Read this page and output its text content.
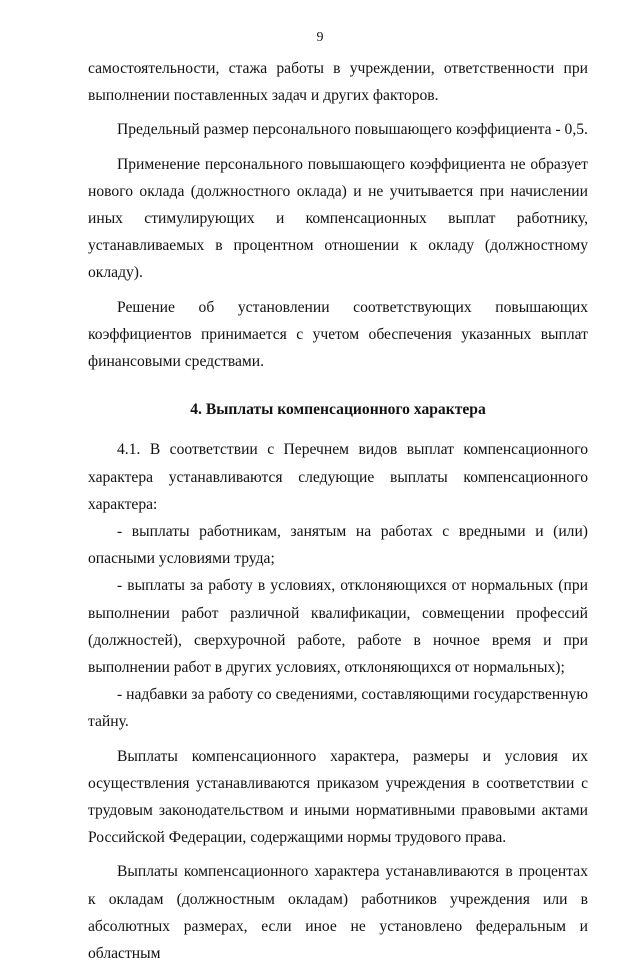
9

самостоятельности, стажа работы в учреждении, ответственности при выполнении поставленных задач и других факторов.

Предельный размер персонального повышающего коэффициента - 0,5.

Применение персонального повышающего коэффициента не образует нового оклада (должностного оклада) и не учитывается при начислении иных стимулирующих и компенсационных выплат работнику, устанавливаемых в процентном отношении к окладу (должностному окладу).

Решение об установлении соответствующих повышающих коэффициентов принимается с учетом обеспечения указанных выплат финансовыми средствами.

4. Выплаты компенсационного характера

4.1. В соответствии с Перечнем видов выплат компенсационного характера устанавливаются следующие выплаты компенсационного характера:

- выплаты работникам, занятым на работах с вредными и (или) опасными условиями труда;

- выплаты за работу в условиях, отклоняющихся от нормальных (при выполнении работ различной квалификации, совмещении профессий (должностей), сверхурочной работе, работе в ночное время и при выполнении работ в других условиях, отклоняющихся от нормальных);

- надбавки за работу со сведениями, составляющими государственную тайну.

Выплаты компенсационного характера, размеры и условия их осуществления устанавливаются приказом учреждения в соответствии с трудовым законодательством и иными нормативными правовыми актами Российской Федерации, содержащими нормы трудового права.

Выплаты компенсационного характера устанавливаются в процентах к окладам (должностным окладам) работников учреждения или в абсолютных размерах, если иное не установлено федеральным и областным
